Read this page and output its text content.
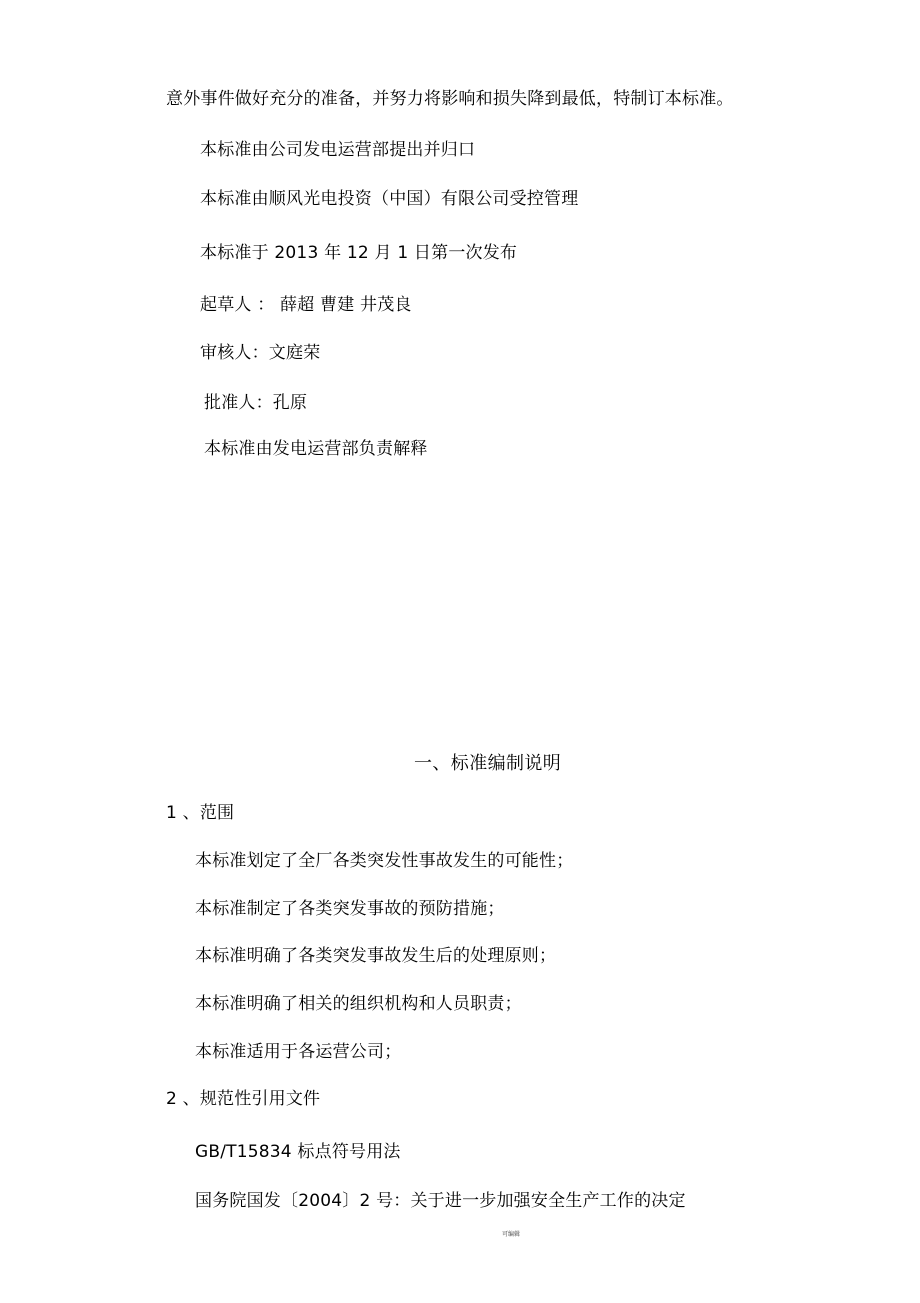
意外事件做好充分的准备，并努力将影响和损失降到最低，特制订本标准。
本标准由公司发电运营部提出并归口
本标准由顺风光电投资（中国）有限公司受控管理
本标准于 2013 年 12 月 1 日第一次发布
起草人 ： 薛超 曹建 井茂良
审核人：文庭荣
批准人：孔原
本标准由发电运营部负责解释
一、标准编制说明
1 、范围
本标准划定了全厂各类突发性事故发生的可能性；
本标准制定了各类突发事故的预防措施；
本标准明确了各类突发事故发生后的处理原则；
本标准明确了相关的组织机构和人员职责；
本标准适用于各运营公司；
2 、规范性引用文件
GB/T15834 标点符号用法
国务院国发〔2004〕2 号：关于进一步加强安全生产工作的决定
可编辑
